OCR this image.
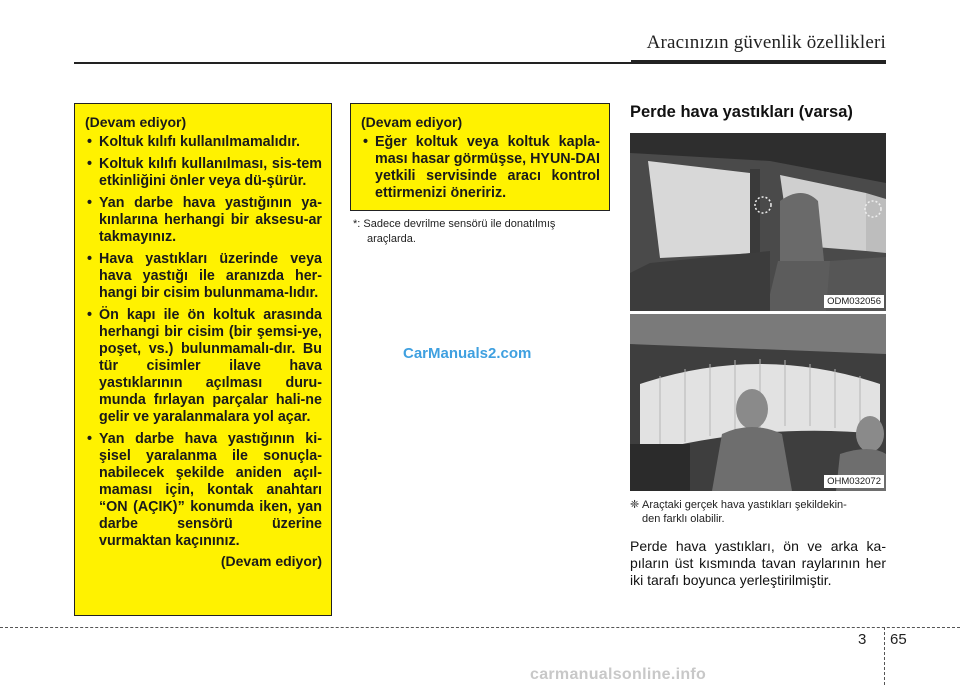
Aracınızın güvenlik özellikleri
(Devam ediyor)
• Koltuk kılıfı kullanılmamalıdır.
• Koltuk kılıfı kullanılması, sis-tem etkinliğini önler veya dü-şürür.
• Yan darbe hava yastığının ya-kınlarına herhangi bir aksesu-ar takmayınız.
• Hava yastıkları üzerinde veya hava yastığı ile aranızda her-hangi bir cisim bulunmama-lıdır.
• Ön kapı ile ön koltuk arasında herhangi bir cisim (bir şemsi-ye, poşet, vs.) bulunmamalı-dır. Bu tür cisimler ilave hava yastıklarının açılması duru-munda fırlayan parçalar hali-ne gelir ve yaralanmalara yol açar.
• Yan darbe hava yastığının ki-şisel yaralanma ile sonuçla-nabilecek şekilde aniden açıl-maması için, kontak anahtarı “ON (AÇIK)” konumda iken, yan darbe sensörü üzerine vurmaktan kaçınınız.
(Devam ediyor)
(Devam ediyor)
• Eğer koltuk veya koltuk kapla-ması hasar görmüşse, HYUN-DAI yetkili servisinde aracı kontrol ettirmenizi öneririz.
*: Sadece devrilme sensörü ile donatılmış
araçlarda.
CarManuals2.com
Perde hava yastıkları (varsa)
ODM032056
OHM032072
❈ Araçtaki gerçek hava yastıkları şekildekin-
den farklı olabilir.
Perde hava yastıkları, ön ve arka ka-pıların üst kısmında tavan raylarının her iki tarafı boyunca yerleştirilmiştir.
3 65
carmanualsonline.info
